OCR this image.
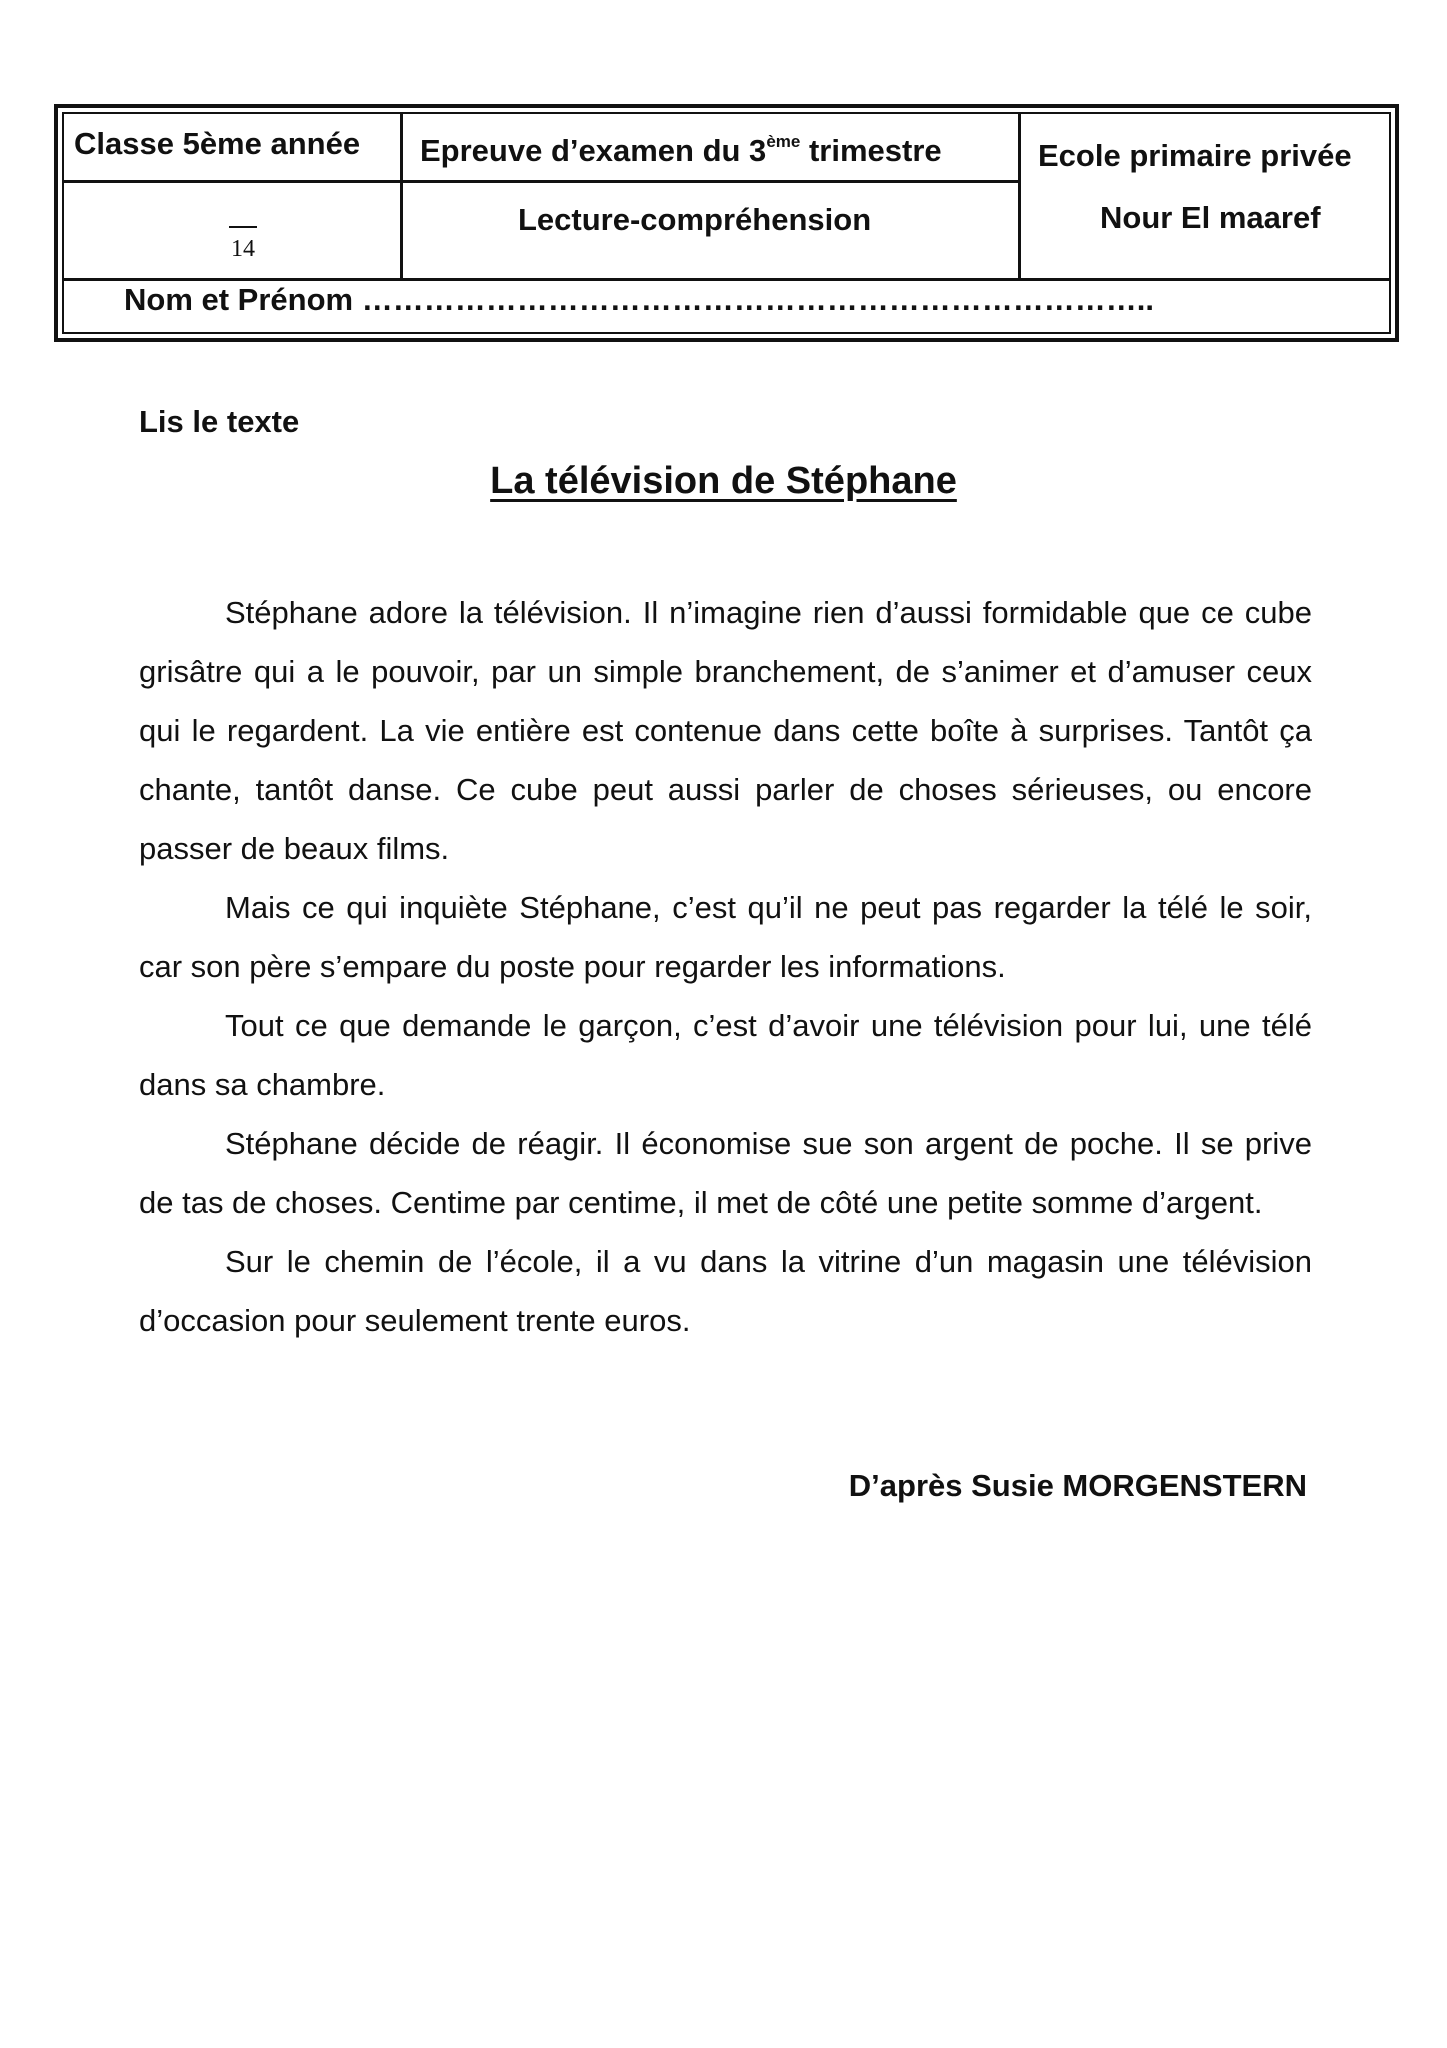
Classe 5ème année Epreuve d’examen du 3ème trimestre	Ecole primaire privée
Nour El maaref
Lecture-compréhension
14
Nom et Prénom …………………………………………………………………..
Lis le texte
La télévision de Stéphane

Stéphane adore la télévision. Il n’imagine rien d’aussi formidable que ce cube grisâtre qui a le pouvoir, par un simple branchement, de s’animer et d’amuser ceux qui le regardent. La vie entière est contenue dans cette boîte à surprises. Tantôt ça chante, tantôt danse. Ce cube peut aussi parler de choses sérieuses, ou encore passer de beaux films.

Mais ce qui inquiète Stéphane, c’est qu’il ne peut pas regarder la télé le soir, car son père s’empare du poste pour regarder les informations.

Tout ce que demande le garçon, c’est d’avoir une télévision pour lui, une télé dans sa chambre.

Stéphane décide de réagir. Il économise sue son argent de poche. Il se prive de tas de choses. Centime par centime, il met de côté une petite somme d’argent.

Sur le chemin de l’école, il a vu dans la vitrine d’un magasin une télévision d’occasion pour seulement trente euros.

D’après Susie MORGENSTERN
